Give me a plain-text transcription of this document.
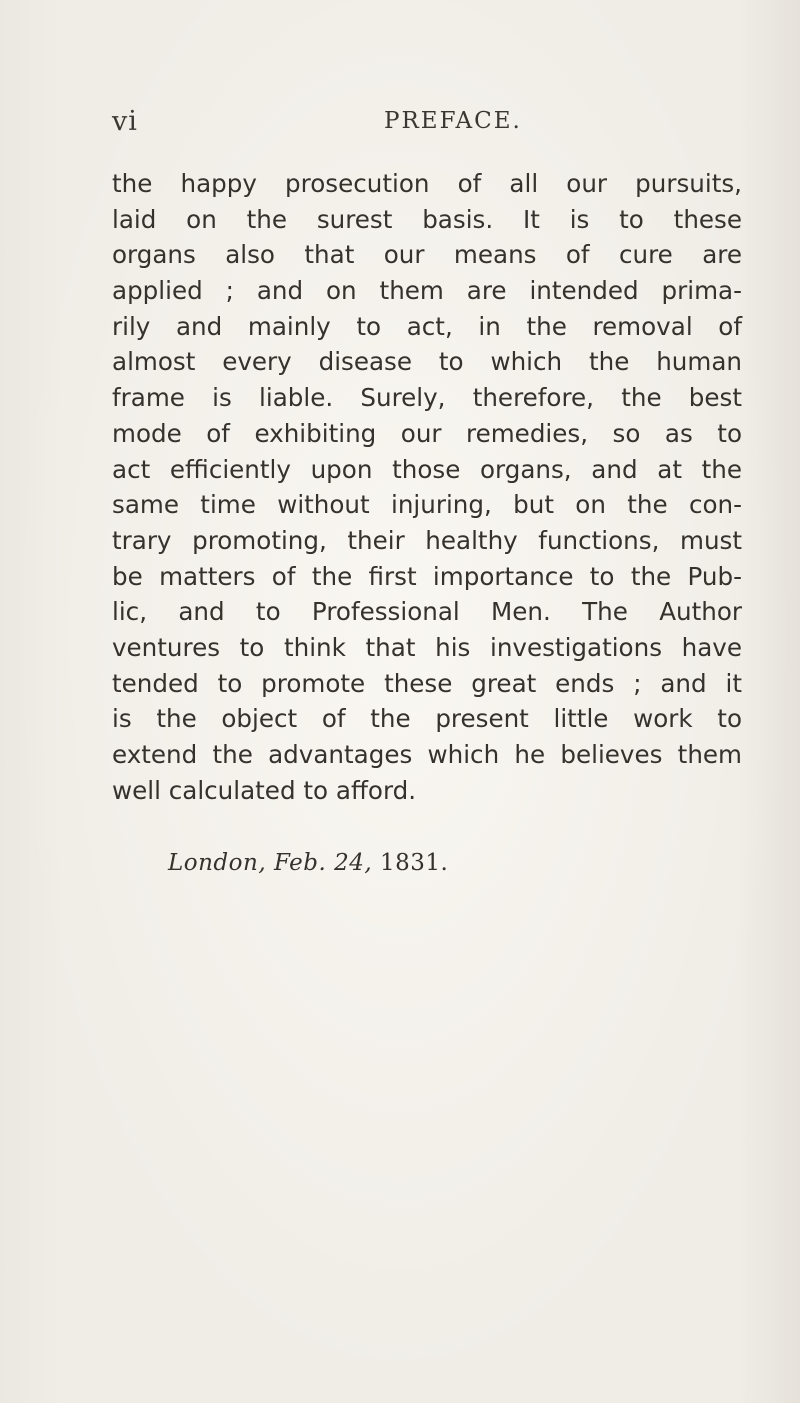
vi	PREFACE.
the happy prosecution of all our pursuits,
laid on the surest basis. It is to these
organs also that our means of cure are
applied ; and on them are intended prima-
rily and mainly to act, in the removal of
almost every disease to which the human
frame is liable. Surely, therefore, the best
mode of exhibiting our remedies, so as to
act efficiently upon those organs, and at the
same time without injuring, but on the con-
trary promoting, their healthy functions, must
be matters of the first importance to the Pub-
lic, and to Professional Men. The Author
ventures to think that his investigations have
tended to promote these great ends ; and it
is the object of the present little work to
extend the advantages which he believes them
well calculated to afford.
London, Feb. 24, 1831.
